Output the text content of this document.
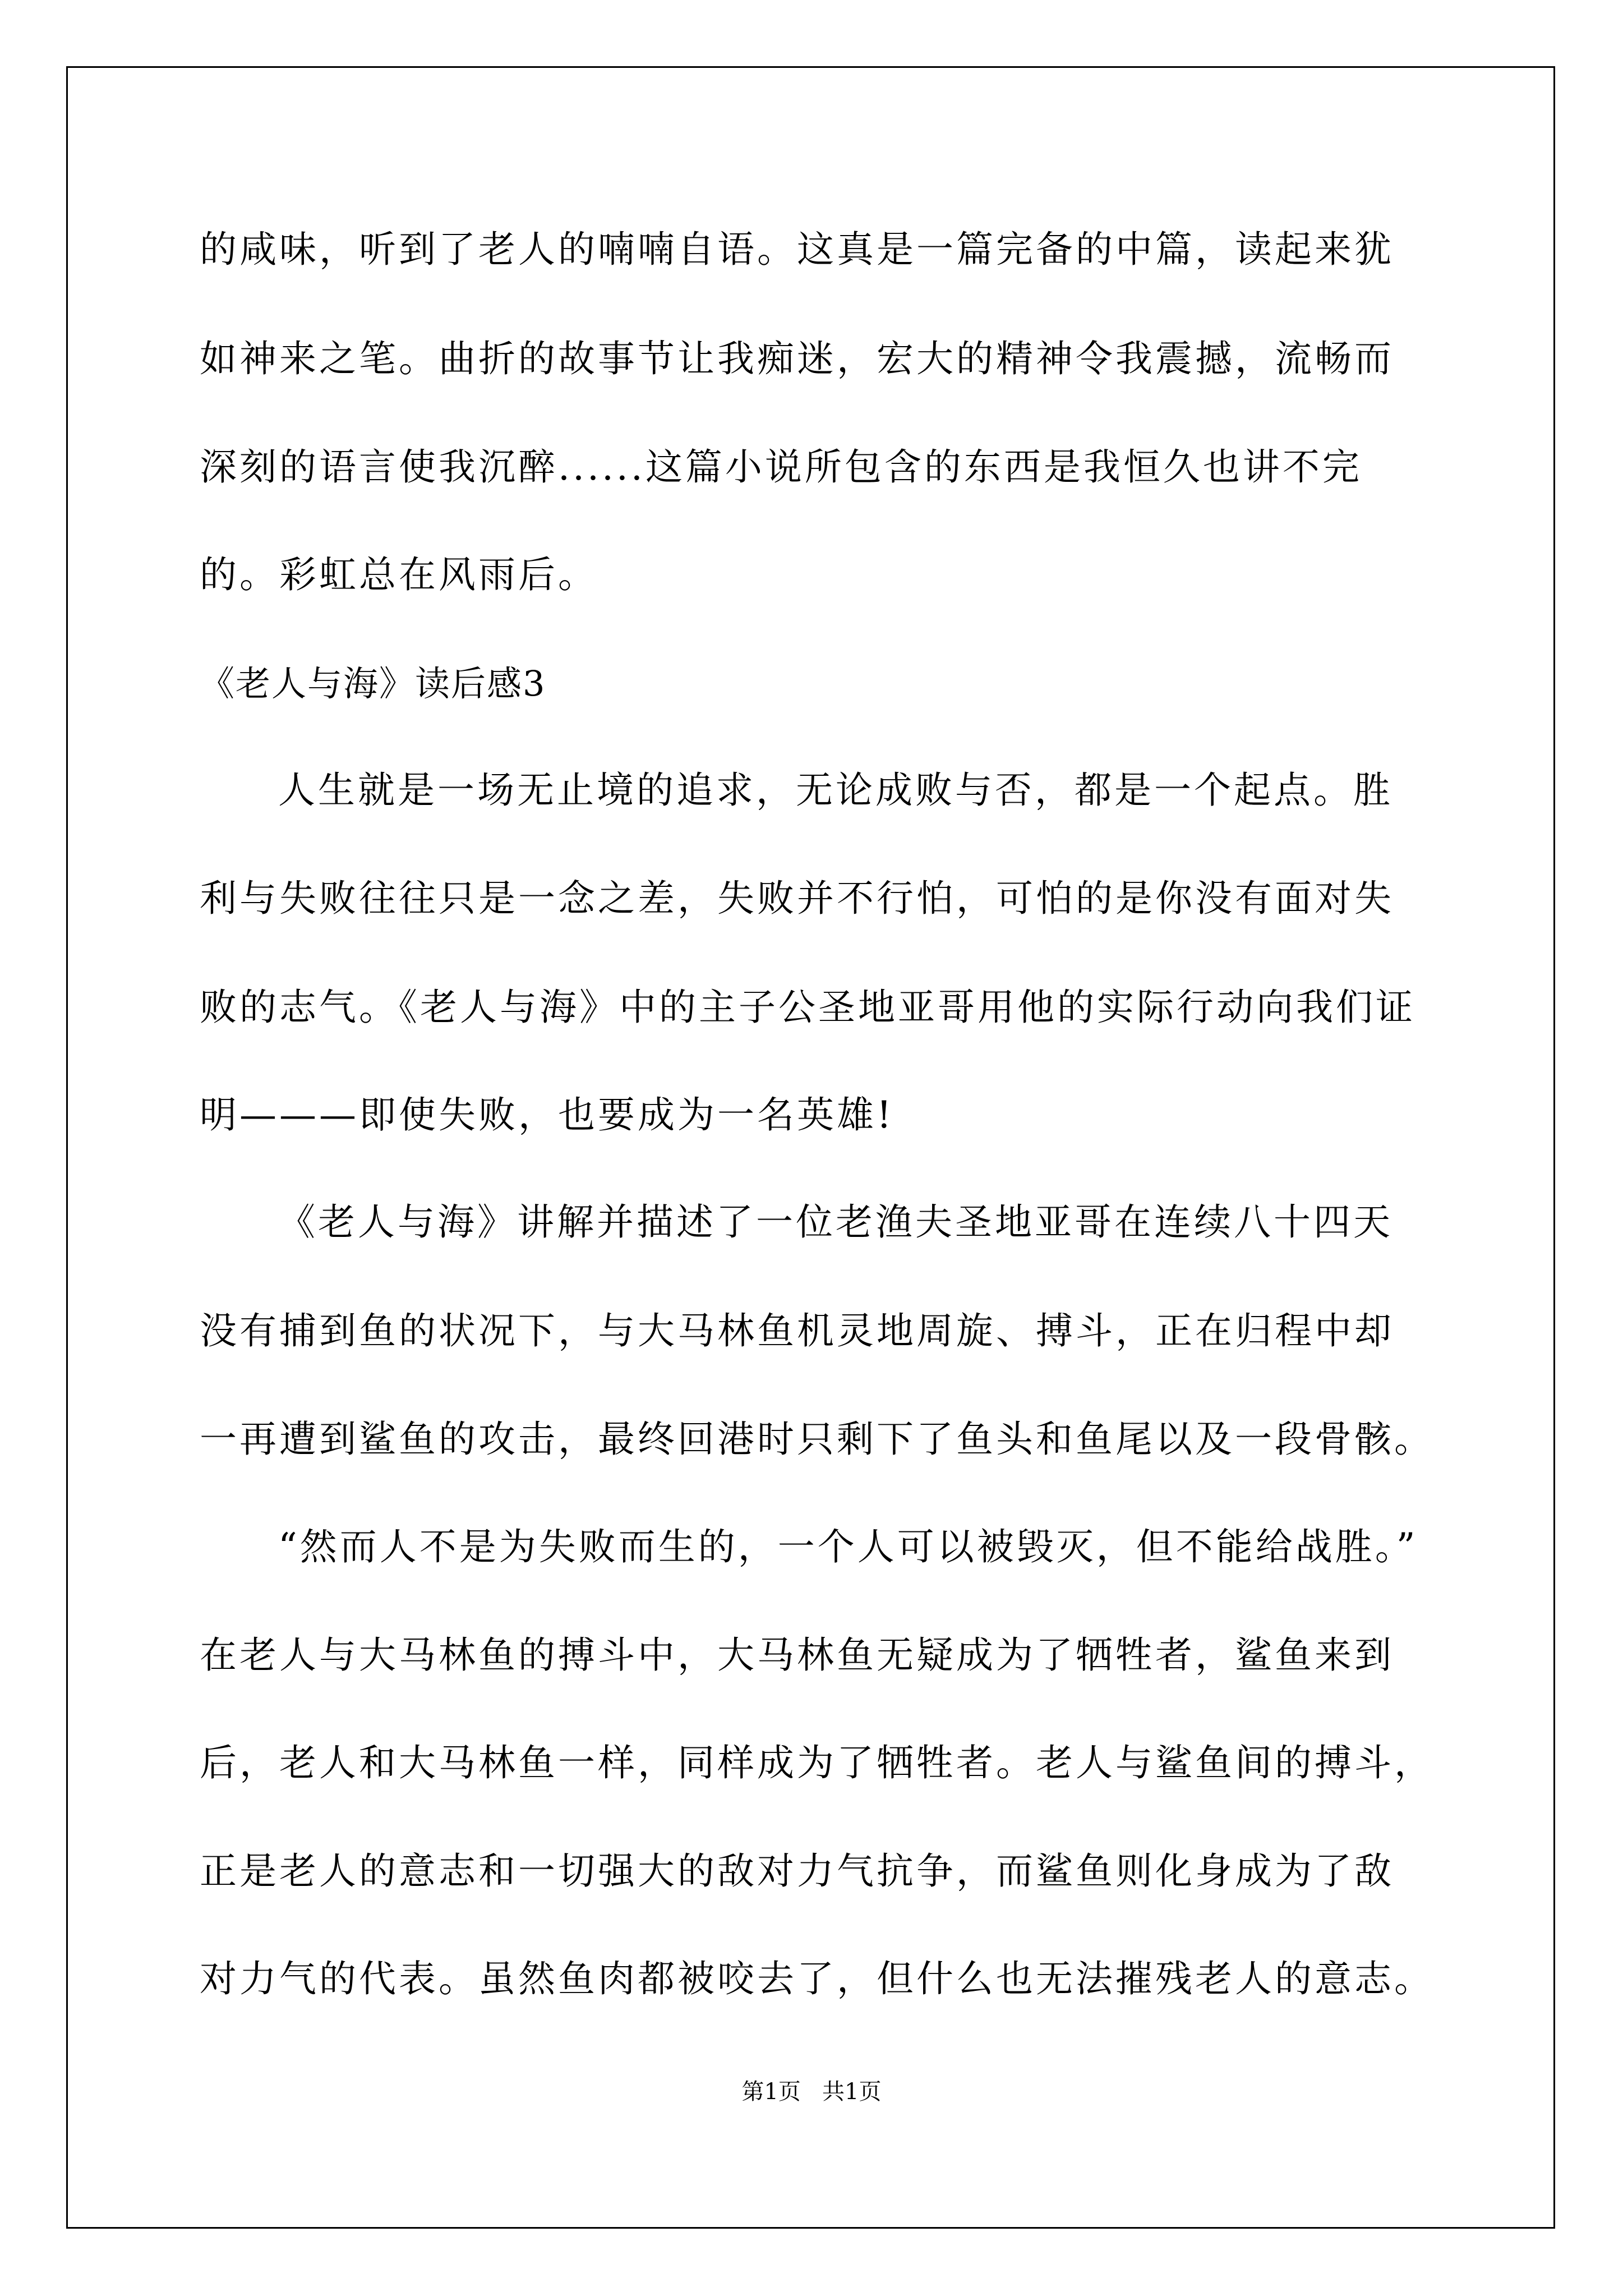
的咸味，听到了老人的喃喃自语。这真是一篇完备的中篇，读起来犹

如神来之笔。曲折的故事节让我痴迷，宏大的精神令我震撼，流畅而

深刻的语言使我沉醉......这篇小说所包含的东西是我恒久也讲不完

的。彩虹总在风雨后。

《老人与海》读后感3

人生就是一场无止境的追求，无论成败与否，都是一个起点。胜

利与失败往往只是一念之差，失败并不行怕，可怕的是你没有面对失

败的志气。《老人与海》中的主子公圣地亚哥用他的实际行动向我们证

明———即使失败，也要成为一名英雄!

《老人与海》讲解并描述了一位老渔夫圣地亚哥在连续八十四天

没有捕到鱼的状况下，与大马林鱼机灵地周旋、搏斗，正在归程中却

一再遭到鲨鱼的攻击，最终回港时只剩下了鱼头和鱼尾以及一段骨骸。

“然而人不是为失败而生的，一个人可以被毁灭，但不能给战胜。”

在老人与大马林鱼的搏斗中，大马林鱼无疑成为了牺牲者，鲨鱼来到

后，老人和大马林鱼一样，同样成为了牺牲者。老人与鲨鱼间的搏斗，

正是老人的意志和一切强大的敌对力气抗争，而鲨鱼则化身成为了敌

对力气的代表。虽然鱼肉都被咬去了，但什么也无法摧残老人的意志。

第1页   共1页
